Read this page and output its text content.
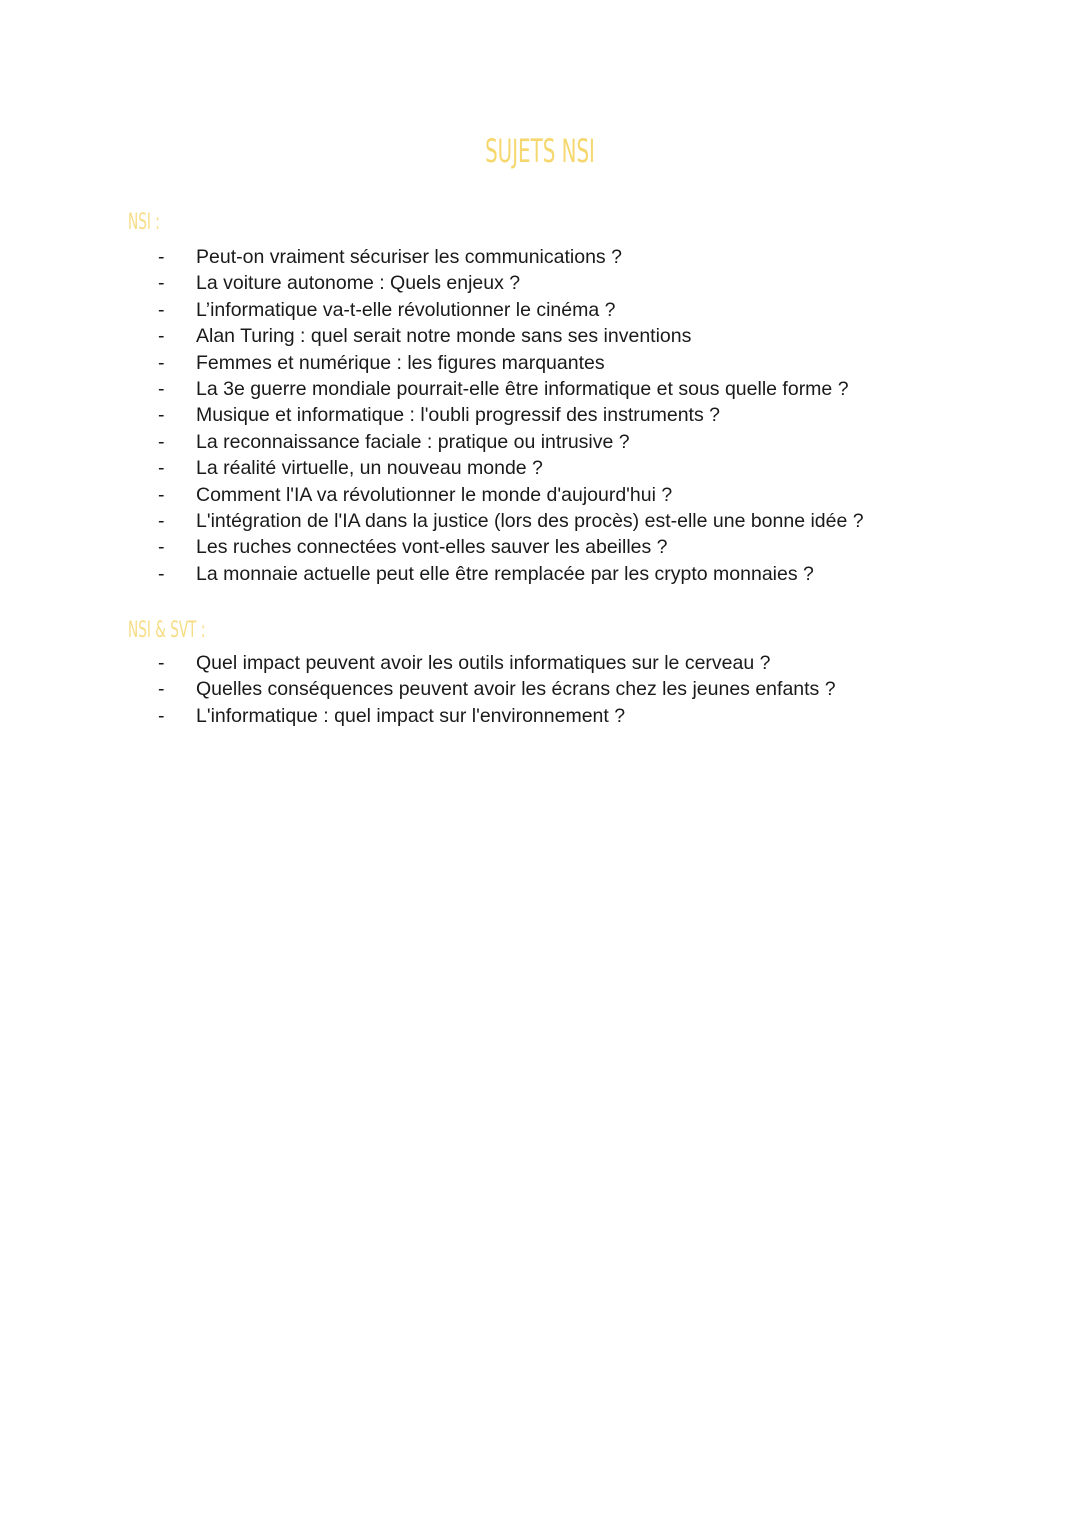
SUJETS NSI
NSI :
- Peut-on vraiment sécuriser les communications ?
- La voiture autonome : Quels enjeux ?
- L’informatique va-t-elle révolutionner le cinéma ?
- Alan Turing : quel serait notre monde sans ses inventions
- Femmes et numérique : les figures marquantes
- La 3e guerre mondiale pourrait-elle être informatique et sous quelle forme ?
- Musique et informatique : l'oubli progressif des instruments ?
- La reconnaissance faciale : pratique ou intrusive ?
- La réalité virtuelle, un nouveau monde ?
- Comment l'IA va révolutionner le monde d'aujourd'hui ?
- L'intégration de l'IA dans la justice (lors des procès) est-elle une bonne idée ?
- Les ruches connectées vont-elles sauver les abeilles ?
- La monnaie actuelle peut elle être remplacée par les crypto monnaies ?
NSI & SVT :
- Quel impact peuvent avoir les outils informatiques sur le cerveau ?
- Quelles conséquences peuvent avoir les écrans chez les jeunes enfants ?
- L'informatique : quel impact sur l'environnement ?
